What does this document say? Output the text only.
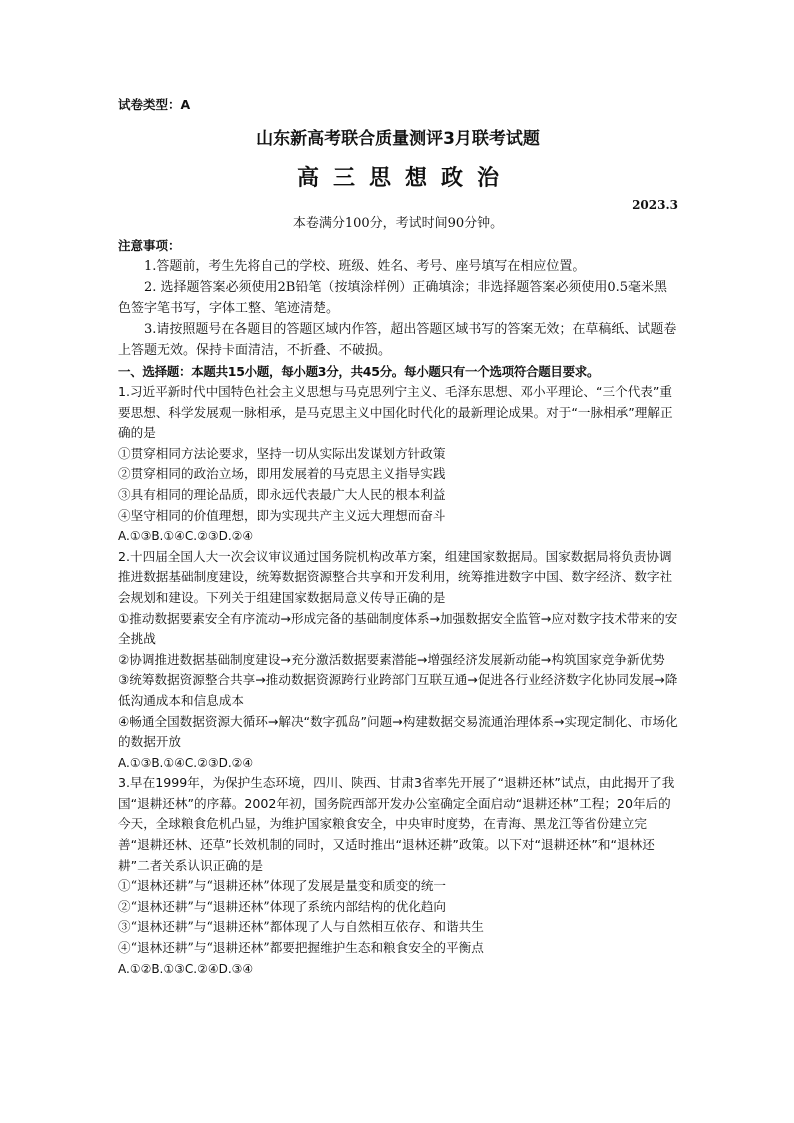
试卷类型：A
山东新高考联合质量测评3月联考试题
高三思想政治
2023.3
本卷满分100分，考试时间90分钟。
注意事项：
1.答题前，考生先将自己的学校、班级、姓名、考号、座号填写在相应位置。
2. 选择题答案必须使用2B铅笔（按填涂样例）正确填涂；非选择题答案必须使用0.5毫米黑色签字笔书写，字体工整、笔迹清楚。
3.请按照题号在各题目的答题区域内作答，超出答题区域书写的答案无效；在草稿纸、试题卷上答题无效。保持卡面清洁，不折叠、不破损。
一、选择题：本题共15小题，每小题3分，共45分。每小题只有一个选项符合题目要求。
1.习近平新时代中国特色社会主义思想与马克思列宁主义、毛泽东思想、邓小平理论、“三个代表”重要思想、科学发展观一脉相承，是马克思主义中国化时代化的最新理论成果。对于“一脉相承”理解正确的是
①贯穿相同方法论要求，坚持一切从实际出发谋划方针政策
②贯穿相同的政治立场，即用发展着的马克思主义指导实践
③具有相同的理论品质，即永远代表最广大人民的根本利益
④坚守相同的价值理想，即为实现共产主义远大理想而奋斗
A.①③B.①④C.②③D.②④
2.十四届全国人大一次会议审议通过国务院机构改革方案，组建国家数据局。国家数据局将负责协调推进数据基础制度建设，统筹数据资源整合共享和开发利用，统筹推进数字中国、数字经济、数字社会规划和建设。下列关于组建国家数据局意义传导正确的是
①推动数据要素安全有序流动→形成完备的基础制度体系→加强数据安全监管→应对数字技术带来的安全挑战
②协调推进数据基础制度建设→充分激活数据要素潜能→增强经济发展新动能→构筑国家竞争新优势
③统筹数据资源整合共享→推动数据资源跨行业跨部门互联互通→促进各行业经济数字化协同发展→降低沟通成本和信息成本
④畅通全国数据资源大循环→解决“数字孤岛”问题→构建数据交易流通治理体系→实现定制化、市场化的数据开放
A.①③B.①④C.②③D.②④
3.早在1999年，为保护生态环境，四川、陕西、甘肃3省率先开展了“退耕还林”试点，由此揭开了我国“退耕还林”的序幕。2002年初，国务院西部开发办公室确定全面启动“退耕还林”工程；20年后的今天，全球粮食危机凸显，为维护国家粮食安全，中央审时度势，在青海、黑龙江等省份建立完善“退耕还林、还草”长效机制的同时，又适时推出“退林还耕”政策。以下对“退耕还林”和“退林还耕”二者关系认识正确的是
①“退林还耕”与“退耕还林”体现了发展是量变和质变的统一
②“退林还耕”与“退耕还林”体现了系统内部结构的优化趋向
③“退林还耕”与“退耕还林”都体现了人与自然相互依存、和谐共生
④“退林还耕”与“退耕还林”都要把握维护生态和粮食安全的平衡点
A.①②B.①③C.②④D.③④
